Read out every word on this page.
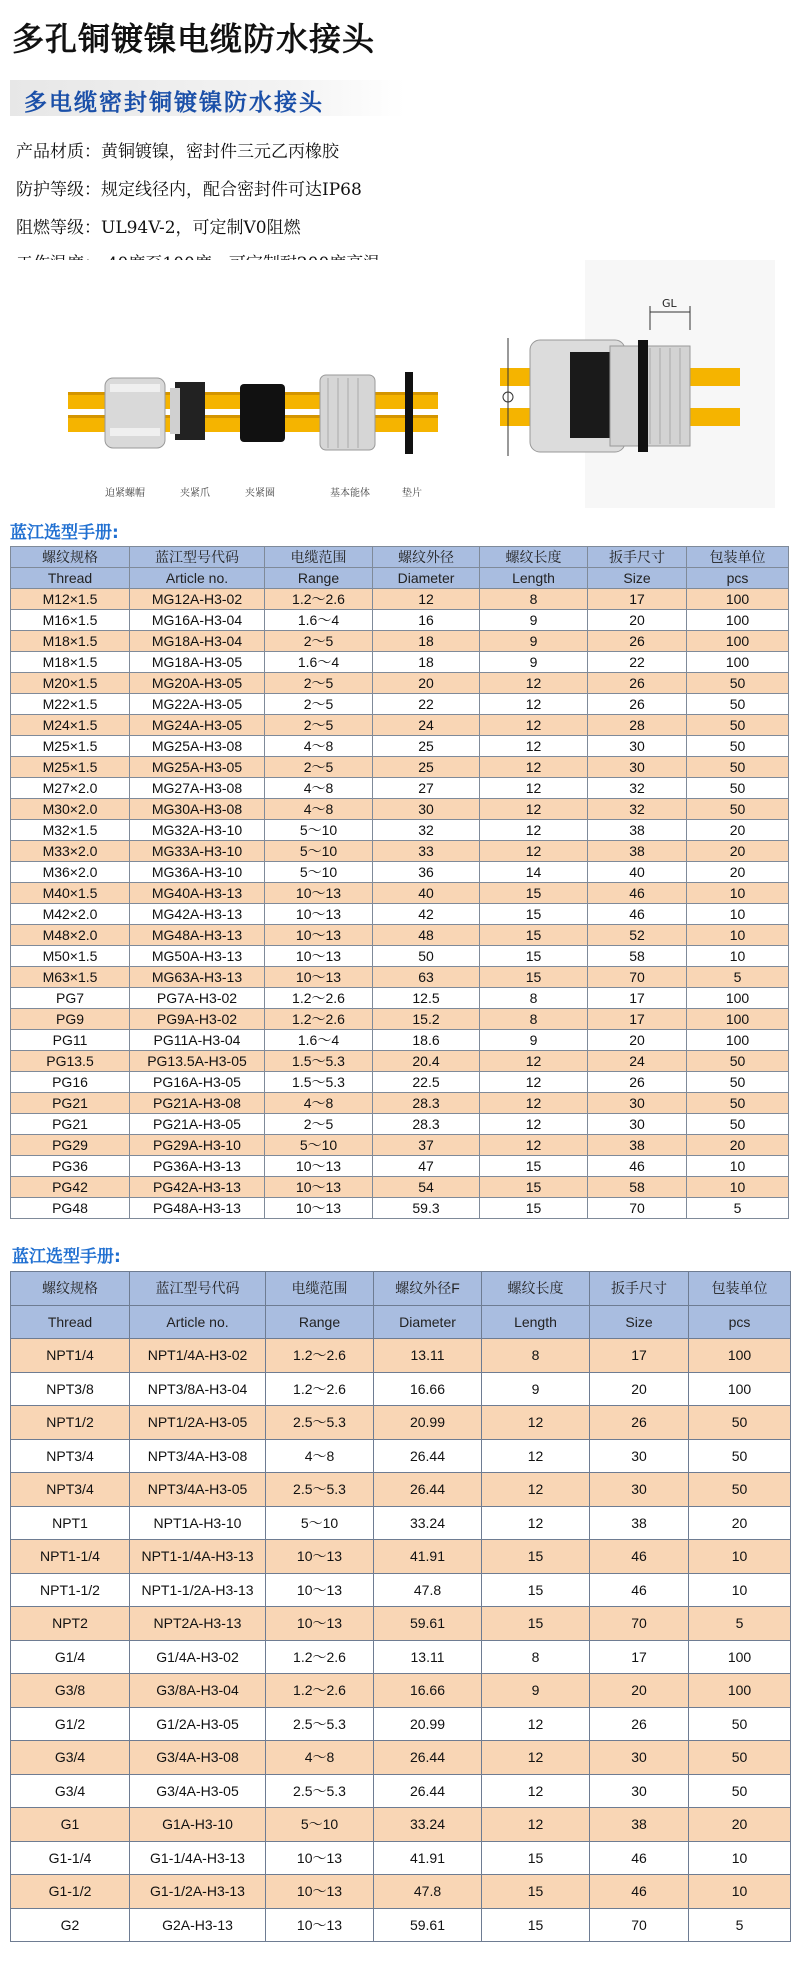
多孔铜镀镍电缆防水接头
多电缆密封铜镀镍防水接头
产品材质：黄铜镀镍，密封件三元乙丙橡胶
防护等级：规定线径内，配合密封件可达IP68
阻燃等级：UL94V-2，可定制V0阻燃
工作温度：-40度至100度，可定制耐200度高温
迫紧螺帽	夹紧爪	夹紧圈	基本能体	垫片
GL
蓝江选型手册:
螺纹规格	蓝江型号代码	电缆范围	螺纹外径	螺纹长度	扳手尺寸	包装单位
Thread	Article no.	Range	Diameter	Length	Size	pcs
M12×1.5	MG12A-H3-02	1.2～2.6	12	8	17	100
M16×1.5	MG16A-H3-04	1.6～4	16	9	20	100
M18×1.5	MG18A-H3-04	2～5	18	9	26	100
M18×1.5	MG18A-H3-05	1.6～4	18	9	22	100
M20×1.5	MG20A-H3-05	2～5	20	12	26	50
M22×1.5	MG22A-H3-05	2～5	22	12	26	50
M24×1.5	MG24A-H3-05	2～5	24	12	28	50
M25×1.5	MG25A-H3-08	4～8	25	12	30	50
M25×1.5	MG25A-H3-05	2～5	25	12	30	50
M27×2.0	MG27A-H3-08	4～8	27	12	32	50
M30×2.0	MG30A-H3-08	4～8	30	12	32	50
M32×1.5	MG32A-H3-10	5～10	32	12	38	20
M33×2.0	MG33A-H3-10	5～10	33	12	38	20
M36×2.0	MG36A-H3-10	5～10	36	14	40	20
M40×1.5	MG40A-H3-13	10～13	40	15	46	10
M42×2.0	MG42A-H3-13	10～13	42	15	46	10
M48×2.0	MG48A-H3-13	10～13	48	15	52	10
M50×1.5	MG50A-H3-13	10～13	50	15	58	10
M63×1.5	MG63A-H3-13	10～13	63	15	70	5
PG7	PG7A-H3-02	1.2～2.6	12.5	8	17	100
PG9	PG9A-H3-02	1.2～2.6	15.2	8	17	100
PG11	PG11A-H3-04	1.6～4	18.6	9	20	100
PG13.5	PG13.5A-H3-05	1.5～5.3	20.4	12	24	50
PG16	PG16A-H3-05	1.5～5.3	22.5	12	26	50
PG21	PG21A-H3-08	4～8	28.3	12	30	50
PG21	PG21A-H3-05	2～5	28.3	12	30	50
PG29	PG29A-H3-10	5～10	37	12	38	20
PG36	PG36A-H3-13	10～13	47	15	46	10
PG42	PG42A-H3-13	10～13	54	15	58	10
PG48	PG48A-H3-13	10～13	59.3	15	70	5
蓝江选型手册:
螺纹规格	蓝江型号代码	电缆范围	螺纹外径F	螺纹长度	扳手尺寸	包装单位
Thread	Article no.	Range	Diameter	Length	Size	pcs
NPT1/4	NPT1/4A-H3-02	1.2～2.6	13.11	8	17	100
NPT3/8	NPT3/8A-H3-04	1.2～2.6	16.66	9	20	100
NPT1/2	NPT1/2A-H3-05	2.5～5.3	20.99	12	26	50
NPT3/4	NPT3/4A-H3-08	4～8	26.44	12	30	50
NPT3/4	NPT3/4A-H3-05	2.5～5.3	26.44	12	30	50
NPT1	NPT1A-H3-10	5～10	33.24	12	38	20
NPT1-1/4	NPT1-1/4A-H3-13	10～13	41.91	15	46	10
NPT1-1/2	NPT1-1/2A-H3-13	10～13	47.8	15	46	10
NPT2	NPT2A-H3-13	10～13	59.61	15	70	5
G1/4	G1/4A-H3-02	1.2～2.6	13.11	8	17	100
G3/8	G3/8A-H3-04	1.2～2.6	16.66	9	20	100
G1/2	G1/2A-H3-05	2.5～5.3	20.99	12	26	50
G3/4	G3/4A-H3-08	4～8	26.44	12	30	50
G3/4	G3/4A-H3-05	2.5～5.3	26.44	12	30	50
G1	G1A-H3-10	5～10	33.24	12	38	20
G1-1/4	G1-1/4A-H3-13	10～13	41.91	15	46	10
G1-1/2	G1-1/2A-H3-13	10～13	47.8	15	46	10
G2	G2A-H3-13	10～13	59.61	15	70	5
